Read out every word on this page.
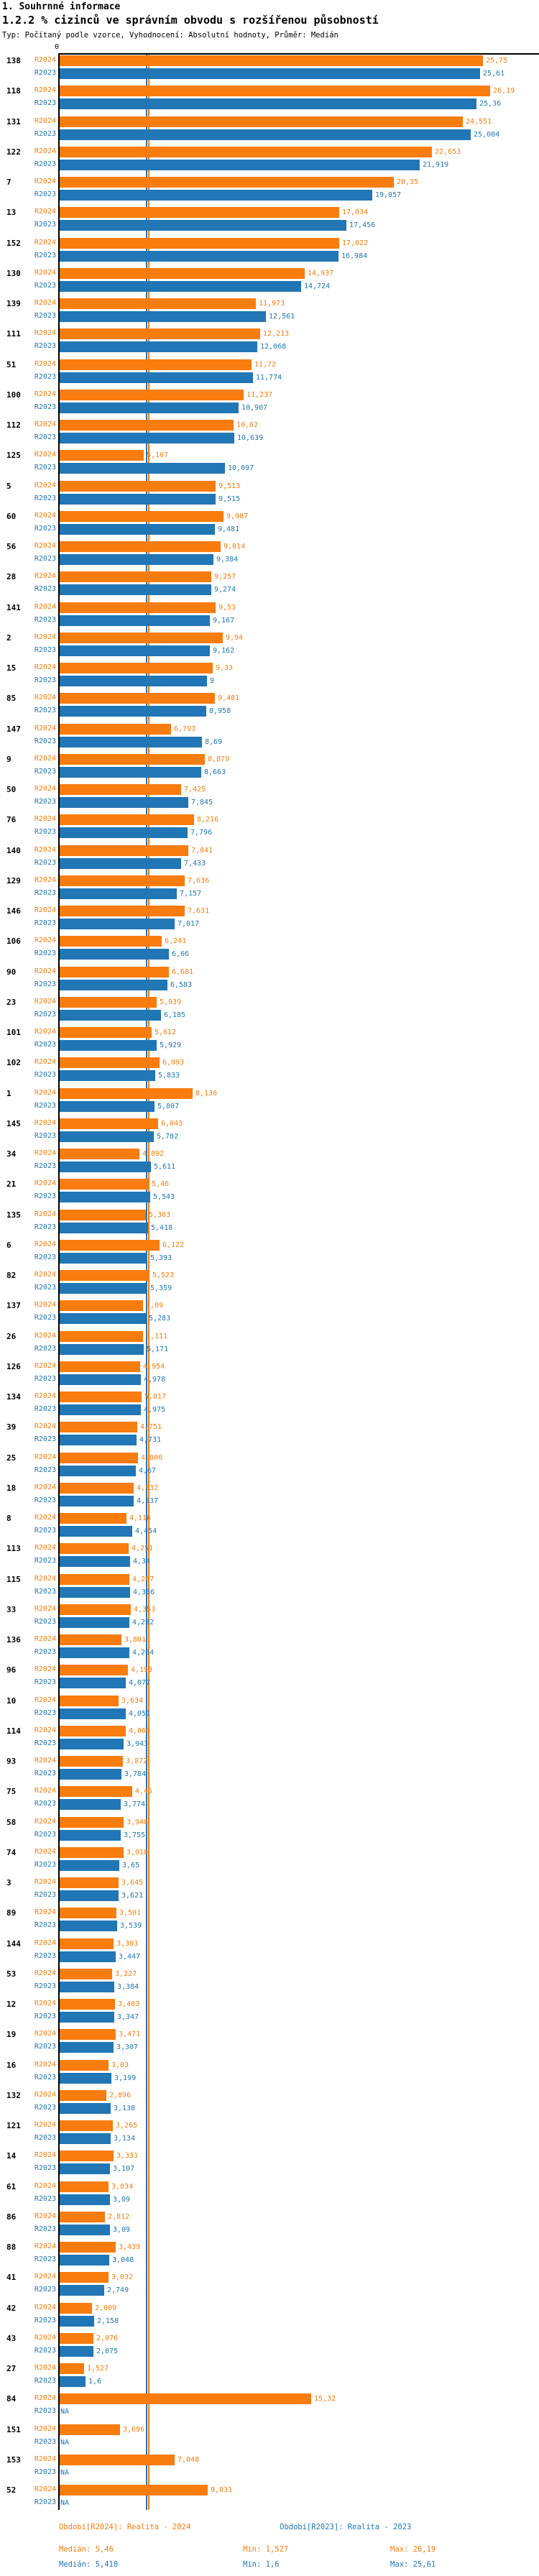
1. Souhrnné informace
1.2.2 % cizinců ve správním obvodu s rozšířenou působností
Typ: Počítaný podle vzorce, Vyhodnocení: Absolutní hodnoty, Průměr: Medián
0
138	R2024	25,75
R2023	25,61
118	R2024	26,19
R2023	25,36
131	R2024	24,551
R2023	25,004
122	R2024	22,653
R2023	21,919
7	R2024	20,35
R2023	19,057
13	R2024	17,034
R2023	17,456
152	R2024	17,022
R2023	16,984
130	R2024	14,937
R2023	14,724
139	R2024	11,973
R2023	12,561
111	R2024	12,213
R2023	12,068
51	R2024	11,72
R2023	11,774
100	R2024	11,237
R2023	10,907
112	R2024	10,62
R2023	10,639
125	R2024	5,167
R2023	10,097
5	R2024	9,513
R2023	9,515
60	R2024	9,987
R2023	9,481
56	R2024	9,814
R2023	9,384
28	R2024	9,257
R2023	9,274
141	R2024	9,53
R2023	9,167
2	R2024	9,94
R2023	9,162
15	R2024	9,33
R2023	9
85	R2024	9,481
R2023	8,958
147	R2024	6,793
R2023	8,69
9	R2024	8,879
R2023	8,663
50	R2024	7,425
R2023	7,845
76	R2024	8,216
R2023	7,796
140	R2024	7,841
R2023	7,433
129	R2024	7,636
R2023	7,157
146	R2024	7,631
R2023	7,017
106	R2024	6,241
R2023	6,66
90	R2024	6,681
R2023	6,583
23	R2024	5,939
R2023	6,185
101	R2024	5,612
R2023	5,929
102	R2024	6,093
R2023	5,833
1	R2024	8,136
R2023	5,807
145	R2024	6,043
R2023	5,782
34	R2024	4,892
R2023	5,611
21	R2024	5,46
R2023	5,543
135	R2024	5,303
R2023	5,418
6	R2024	6,122
R2023	5,393
82	R2024	5,523
R2023	5,359
137	R2024	5,09
R2023	5,283
26	R2024	5,111
R2023	5,171
126	R2024	4,954
R2023	4,978
134	R2024	5,017
R2023	4,975
39	R2024	4,751
R2023	4,731
25	R2024	4,806
R2023	4,67
18	R2024	4,532
R2023	4,537
8	R2024	4,116
R2023	4,454
113	R2024	4,251
R2023	4,34
115	R2024	4,267
R2023	4,336
33	R2024	4,353
R2023	4,292
136	R2024	3,801
R2023	4,264
96	R2024	4,193
R2023	4,077
10	R2024	3,634
R2023	4,051
114	R2024	4,068
R2023	3,943
93	R2024	3,872
R2023	3,784
75	R2024	4,45
R2023	3,774
58	R2024	3,948
R2023	3,755
74	R2024	3,918
R2023	3,65
3	R2024	3,645
R2023	3,621
89	R2024	3,501
R2023	3,539
144	R2024	3,303
R2023	3,447
53	R2024	3,227
R2023	3,384
12	R2024	3,403
R2023	3,347
19	R2024	3,471
R2023	3,307
16	R2024	3,03
R2023	3,199
132	R2024	2,896
R2023	3,138
121	R2024	3,265
R2023	3,134
14	R2024	3,331
R2023	3,107
61	R2024	3,034
R2023	3,09
86	R2024	2,812
R2023	3,09
88	R2024	3,439
R2023	3,048
41	R2024	3,032
R2023	2,749
42	R2024	2,009
R2023	2,158
43	R2024	2,076
R2023	2,075
27	R2024	1,527
R2023	1,6
84	R2024	15,32
R2023 NA
151	R2024	3,696
R2023 NA
153	R2024	7,048
R2023 NA
52	R2024	9,031
R2023 NA
Období[R2024]: Realita - 2024	Období[R2023]: Realita - 2023
Medián: 5,46	Min: 1,527	Max: 26,19
Medián: 5,418	Min: 1,6	Max: 25,61
